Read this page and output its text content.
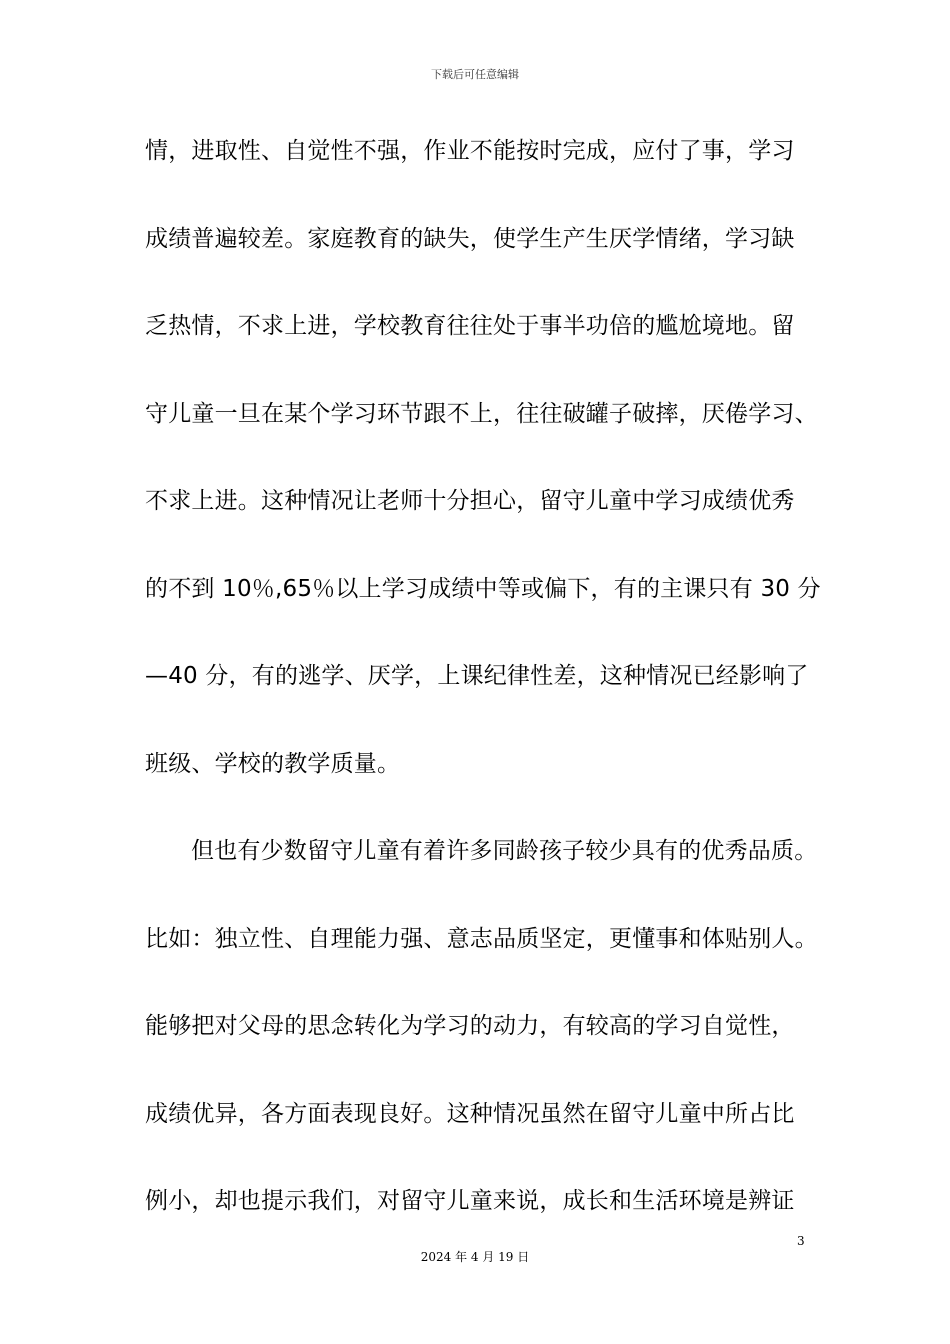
下载后可任意编辑
情，进取性、自觉性不强，作业不能按时完成，应付了事，学习
成绩普遍较差。家庭教育的缺失，使学生产生厌学情绪，学习缺
乏热情，不求上进，学校教育往往处于事半功倍的尴尬境地。留
守儿童一旦在某个学习环节跟不上，往往破罐子破摔，厌倦学习、
不求上进。这种情况让老师十分担心，留守儿童中学习成绩优秀
的不到 10％,65％以上学习成绩中等或偏下，有的主课只有 30 分
—40 分，有的逃学、厌学，上课纪律性差，这种情况已经影响了
班级、学校的教学质量。
但也有少数留守儿童有着许多同龄孩子较少具有的优秀品质。
比如：独立性、自理能力强、意志品质坚定，更懂事和体贴别人。
能够把对父母的思念转化为学习的动力，有较高的学习自觉性，
成绩优异，各方面表现良好。这种情况虽然在留守儿童中所占比
例小，却也提示我们，对留守儿童来说，成长和生活环境是辨证
3
2024 年 4 月 19 日
